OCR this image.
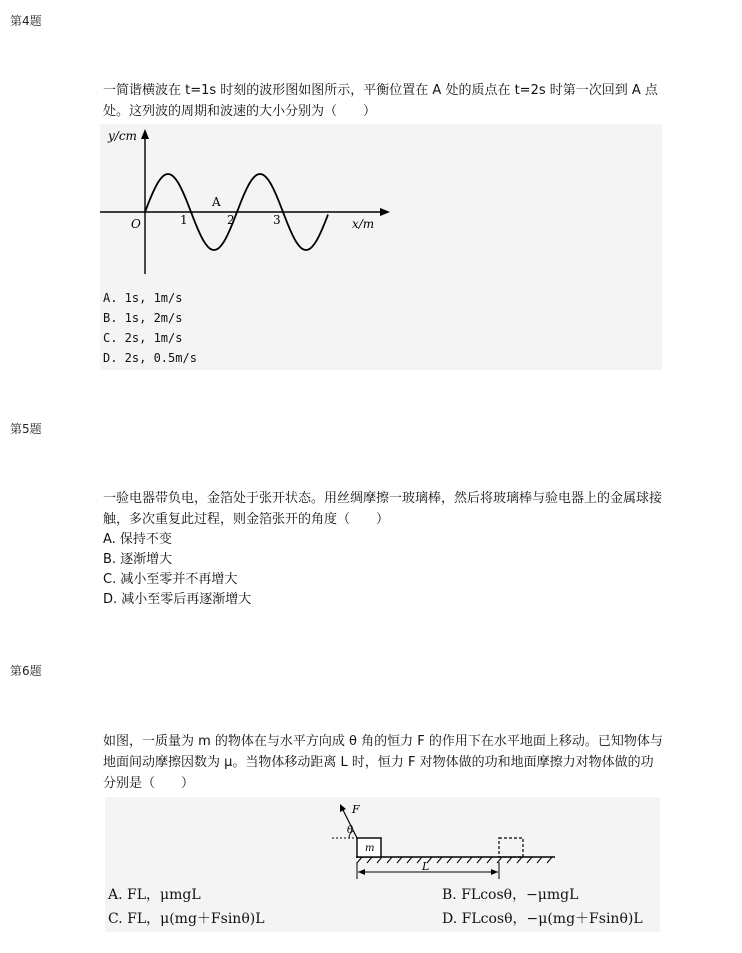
第4题
一简谐横波在 t=1s 时刻的波形图如图所示，平衡位置在 A 处的质点在 t=2s 时第一次回到 A 点处。这列波的周期和波速的大小分别为（　　）
y/cm
x/m
O	1	2	3
A
A. 1s, 1m/s
B. 1s, 2m/s
C. 2s, 1m/s
D. 2s, 0.5m/s
第5题
一验电器带负电，金箔处于张开状态。用丝绸摩擦一玻璃棒，然后将玻璃棒与验电器上的金属球接触，多次重复此过程，则金箔张开的角度（　　）
A. 保持不变
B. 逐渐增大
C. 减小至零并不再增大
D. 减小至零后再逐渐增大
第6题
如图，一质量为 m 的物体在与水平方向成 θ 角的恒力 F 的作用下在水平地面上移动。已知物体与地面间动摩擦因数为 μ。当物体移动距离 L 时，恒力 F 对物体做的功和地面摩擦力对物体做的功分别是（　　）
m
F
θ
L
A. FL，μmgL	B. FLcosθ，−μmgL
C. FL，μ(mg＋Fsinθ)L	D. FLcosθ，−μ(mg＋Fsinθ)L
